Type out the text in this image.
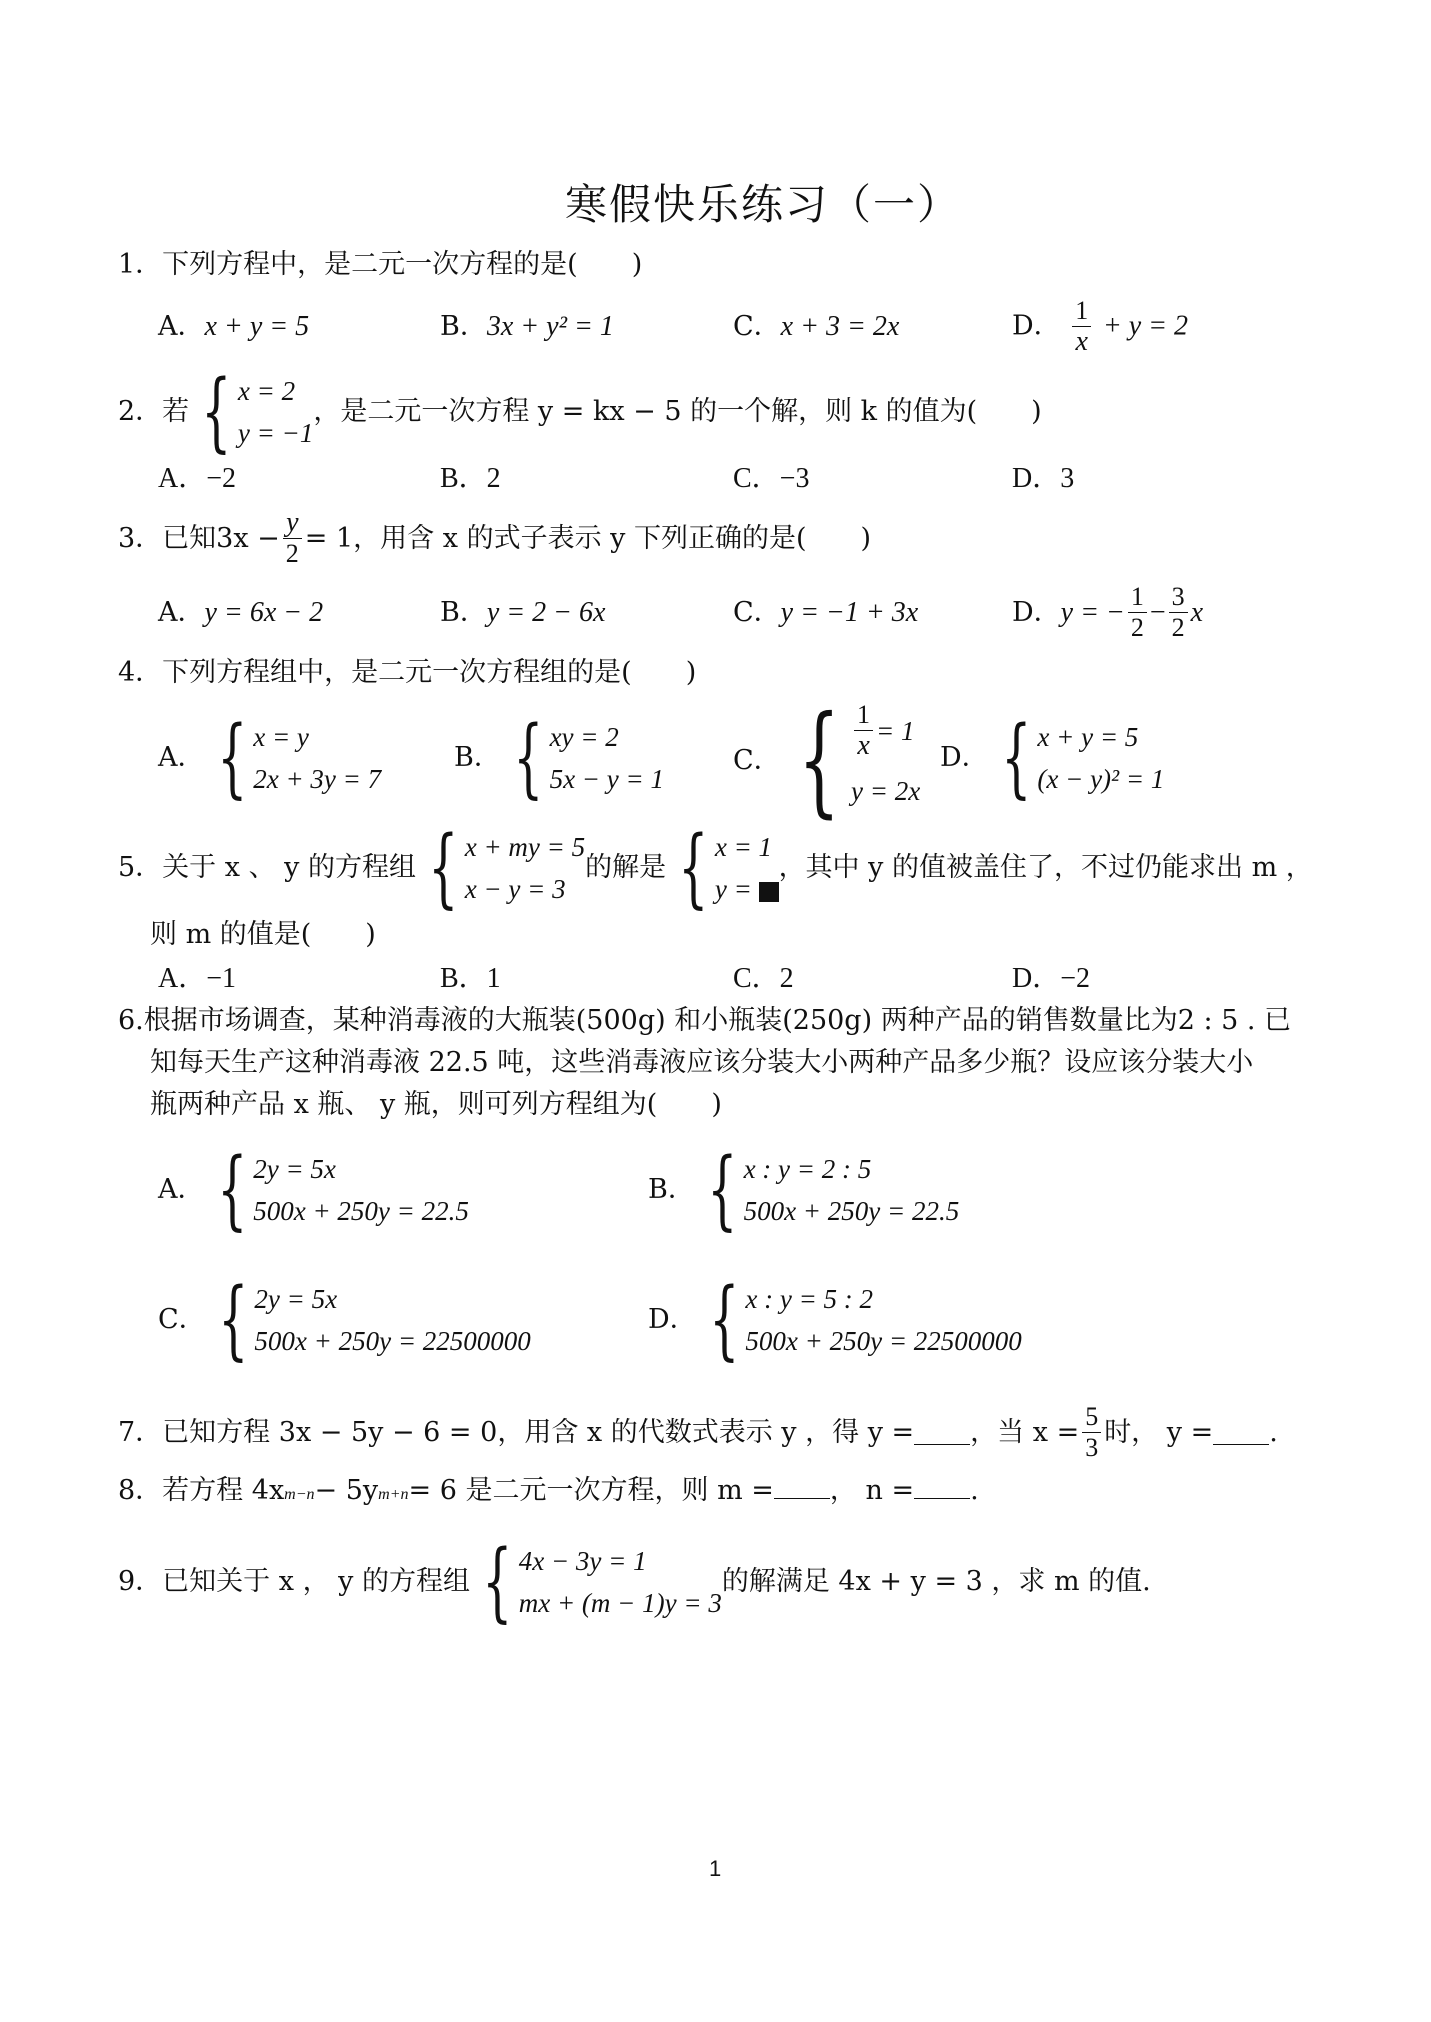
寒假快乐练习（一）
1．下列方程中，是二元一次方程的是(　　)
A．x + y = 5	B．3x + y² = 1	C．x + 3 = 2x	D． $\frac{1}{x} + y = 2$
2．若 { x = 2
y = −1
，是二元一次方程 y = kx − 5 的一个解，则 k 的值为(　　)
A．−2	B．2	C．−3	D．3
3．已知$3x - \frac{y}{2} = 1$，用含 x 的式子表示 y 下列正确的是(　　)
A．y = 6x − 2	B．y = 2 − 6x	C．y = −1 + 3x	D． y = − $\frac{1}{2} - \frac{3}{2}$ x
4．下列方程组中，是二元一次方程组的是(　　)
A． { x = y
2x + 3y = 7
B． { xy = 2
5x − y = 1
C． { $\frac{1}{x} = 1$
y = 2x
D． { x + y = 5
(x − y)² = 1
5．关于 x 、 y 的方程组 { x + my = 5
x − y = 3
的解是 { x = 1
y =
，其中 y 的值被盖住了，不过仍能求出 m ，
则 m 的值是(　　)
A．−1	B．1	C．2	D．−2
6.根据市场调查，某种消毒液的大瓶装(500g) 和小瓶装(250g) 两种产品的销售数量比为2 : 5 . 已
知每天生产这种消毒液 22.5 吨，这些消毒液应该分装大小两种产品多少瓶？设应该分装大小
瓶两种产品 x 瓶、 y 瓶，则可列方程组为(　　)
A． { 2y = 5x
500x + 250y = 22.5
B． { x : y = 2 : 5
500x + 250y = 22.5
C． { 2y = 5x
500x + 250y = 22500000
D． { x : y = 5 : 2
500x + 250y = 22500000
7．已知方程 3x − 5y − 6 = 0，用含 x 的代数式表示 y ，得 y = ，当 $x = \frac{5}{3}$ 时， y = .
8．若方程 4x m−n − 5y m+n = 6 是二元一次方程，则 m = ， n = .
9．已知关于 x ， y 的方程组 { 4x − 3y = 1
mx + (m − 1)y = 3
的解满足 4x + y = 3 ，求 m 的值.
1
